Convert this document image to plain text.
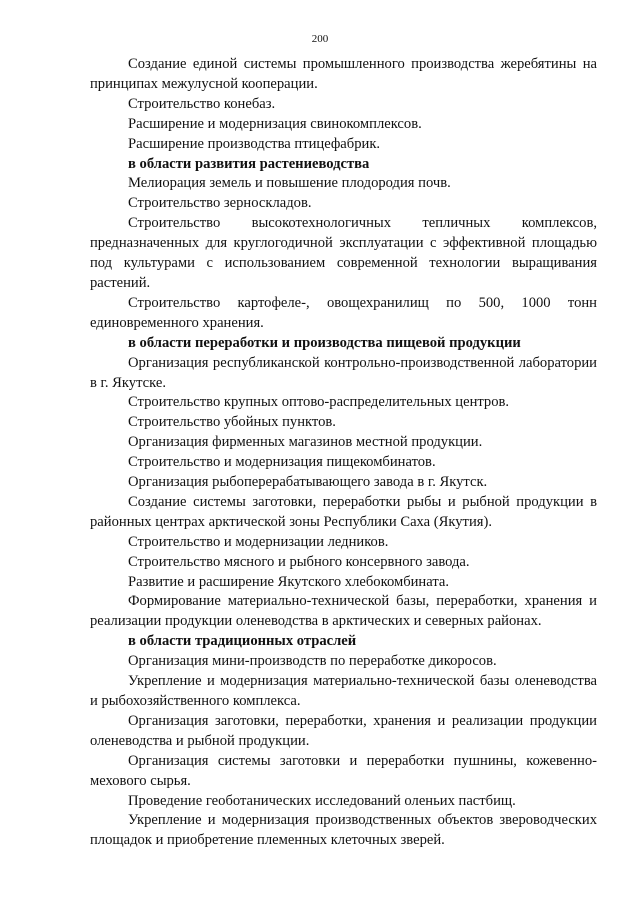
200

Создание единой системы промышленного производства жеребятины на принципах межулусной кооперации.

Строительство конебаз.

Расширение и модернизация свинокомплексов.

Расширение производства птицефабрик.

в области развития растениеводства

Мелиорация земель и повышение плодородия почв.

Строительство зерноскладов.

Строительство высокотехнологичных тепличных комплексов, предназначенных для круглогодичной эксплуатации с эффективной площадью под культурами с использованием современной технологии выращивания растений.

Строительство картофеле-, овощехранилищ по 500, 1000 тонн единовременного хранения.

в области переработки и производства пищевой продукции

Организация республиканской контрольно-производственной лаборатории в г. Якутске.

Строительство крупных оптово-распределительных центров.

Строительство убойных пунктов.

Организация фирменных магазинов местной продукции.

Строительство и модернизация пищекомбинатов.

Организация рыбоперерабатывающего завода в г. Якутск.

Создание системы заготовки, переработки рыбы и рыбной продукции в районных центрах арктической зоны Республики Саха (Якутия).

Строительство и модернизации ледников.

Строительство мясного и рыбного консервного завода.

Развитие и расширение Якутского хлебокомбината.

Формирование материально-технической базы, переработки, хранения и реализации продукции оленеводства в арктических и северных районах.

в области традиционных отраслей

Организация мини-производств по переработке дикоросов.

Укрепление и модернизация материально-технической базы оленеводства и рыбохозяйственного комплекса.

Организация заготовки, переработки, хранения и реализации продукции оленеводства и рыбной продукции.

Организация системы заготовки и переработки пушнины, кожевенно-мехового сырья.

Проведение геоботанических исследований оленьих пастбищ.

Укрепление и модернизация производственных объектов звероводческих площадок и приобретение племенных клеточных зверей.
